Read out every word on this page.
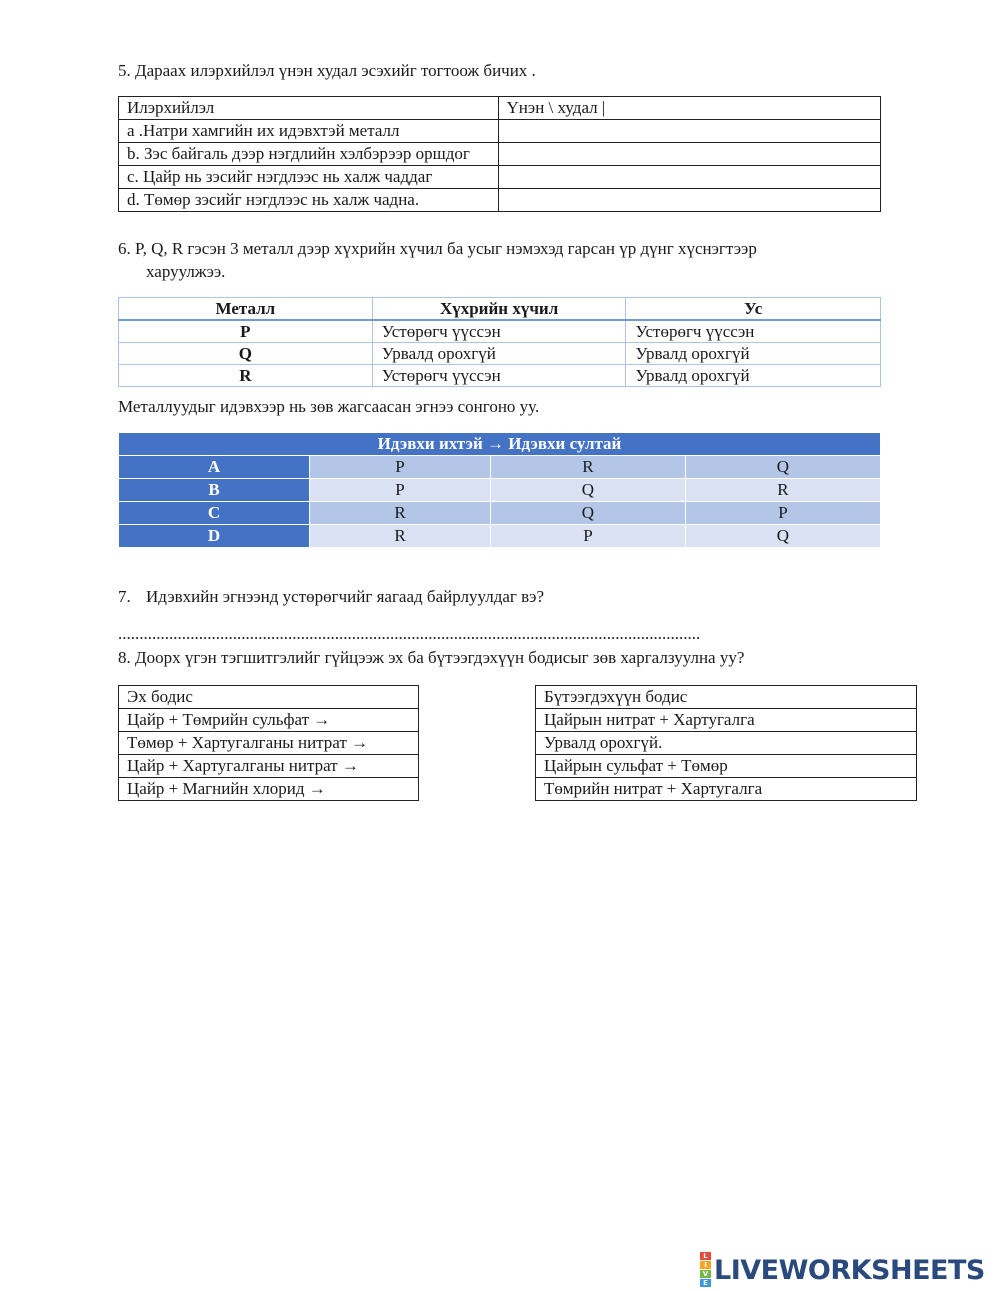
5. Дараах илэрхийлэл үнэн худал эсэхийг тогтоож бичих .
Илэрхийлэл	Үнэн \ худал |
a .Натри хамгийн их идэвхтэй металл	
b. Зэс байгаль дээр нэгдлийн хэлбэрээр оршдог	
c. Цайр нь зэсийг нэгдлээс нь халж чаддаг	
d. Төмөр зэсийг нэгдлээс нь халж чадна.	
6. P, Q, R гэсэн 3 металл дээр хүхрийн хүчил ба усыг нэмэхэд гарсан үр дүнг хүснэгтээр
харуулжээ.
Металл	Хүхрийн хүчил	Ус
P	Устөрөгч үүссэн	Устөрөгч үүссэн
Q	Урвалд орохгүй	Урвалд орохгүй
R	Устөрөгч үүссэн	Урвалд орохгүй
Металлуудыг идэвхээр нь зөв жагсаасан эгнээ сонгоно уу.
Идэвхи ихтэй → Идэвхи султай			
A	P	R	Q
B	P	Q	R
C	R	Q	P
D	R	P	Q
7. Идэвхийн эгнээнд устөрөгчийг яагаад байрлуулдаг вэ?
.........................................................................................................................................
8. Доорх үгэн тэгшитгэлийг гүйцээж эх ба бүтээгдэхүүн бодисыг зөв харгалзуулна уу?
Эх бодис
Цайр + Төмрийн сульфат →
Төмөр + Хартугалганы нитрат →
Цайр + Хартугалганы нитрат →
Цайр + Магнийн хлорид →
Бүтээгдэхүүн бодис
Цайрын нитрат + Хартугалга
Урвалд орохгүй.
Цайрын сульфат + Төмөр
Төмрийн нитрат + Хартугалга
L
I
V
E LIVEWORKSHEETS
